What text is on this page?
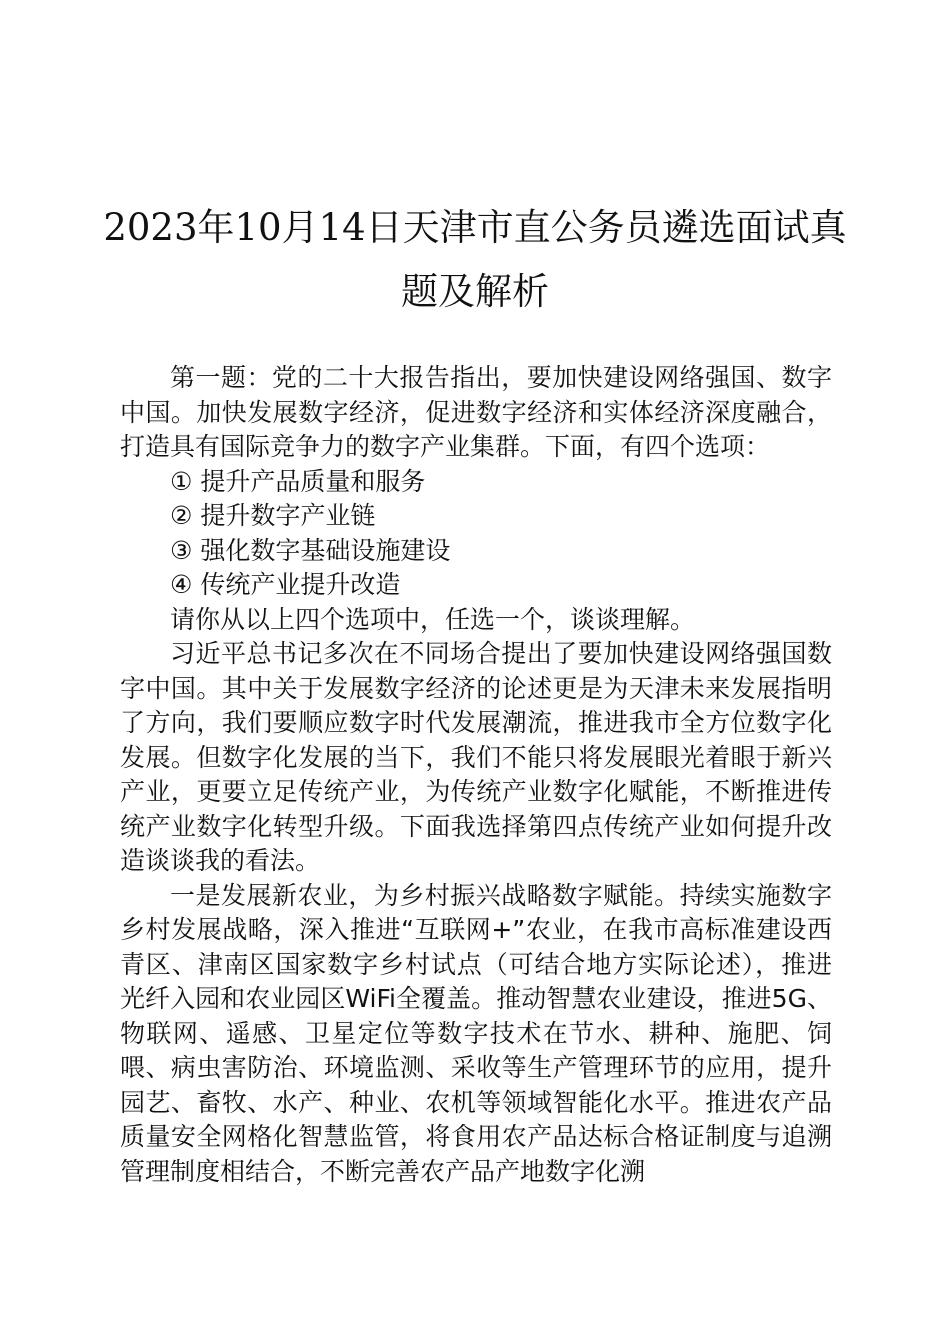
2023年10月14日天津市直公务员遴选面试真
题及解析

第一题：党的二十大报告指出，要加快建设网络强国、数字中国。加快发展数字经济，促进数字经济和实体经济深度融合，打造具有国际竞争力的数字产业集群。下面，有四个选项：

① 提升产品质量和服务

② 提升数字产业链

③ 强化数字基础设施建设

④ 传统产业提升改造

请你从以上四个选项中，任选一个，谈谈理解。

习近平总书记多次在不同场合提出了要加快建设网络强国数字中国。其中关于发展数字经济的论述更是为天津未来发展指明了方向，我们要顺应数字时代发展潮流，推进我市全方位数字化发展。但数字化发展的当下，我们不能只将发展眼光着眼于新兴产业，更要立足传统产业，为传统产业数字化赋能，不断推进传统产业数字化转型升级。下面我选择第四点传统产业如何提升改造谈谈我的看法。

一是发展新农业，为乡村振兴战略数字赋能。持续实施数字乡村发展战略，深入推进“互联网+”农业，在我市高标准建设西青区、津南区国家数字乡村试点（可结合地方实际论述），推进光纤入园和农业园区WiFi全覆盖。推动智慧农业建设，推进5G、物联网、遥感、卫星定位等数字技术在节水、耕种、施肥、饲喂、病虫害防治、环境监测、采收等生产管理环节的应用，提升园艺、畜牧、水产、种业、农机等领域智能化水平。推进农产品质量安全网格化智慧监管，将食用农产品达标合格证制度与追溯管理制度相结合，不断完善农产品产地数字化溯
